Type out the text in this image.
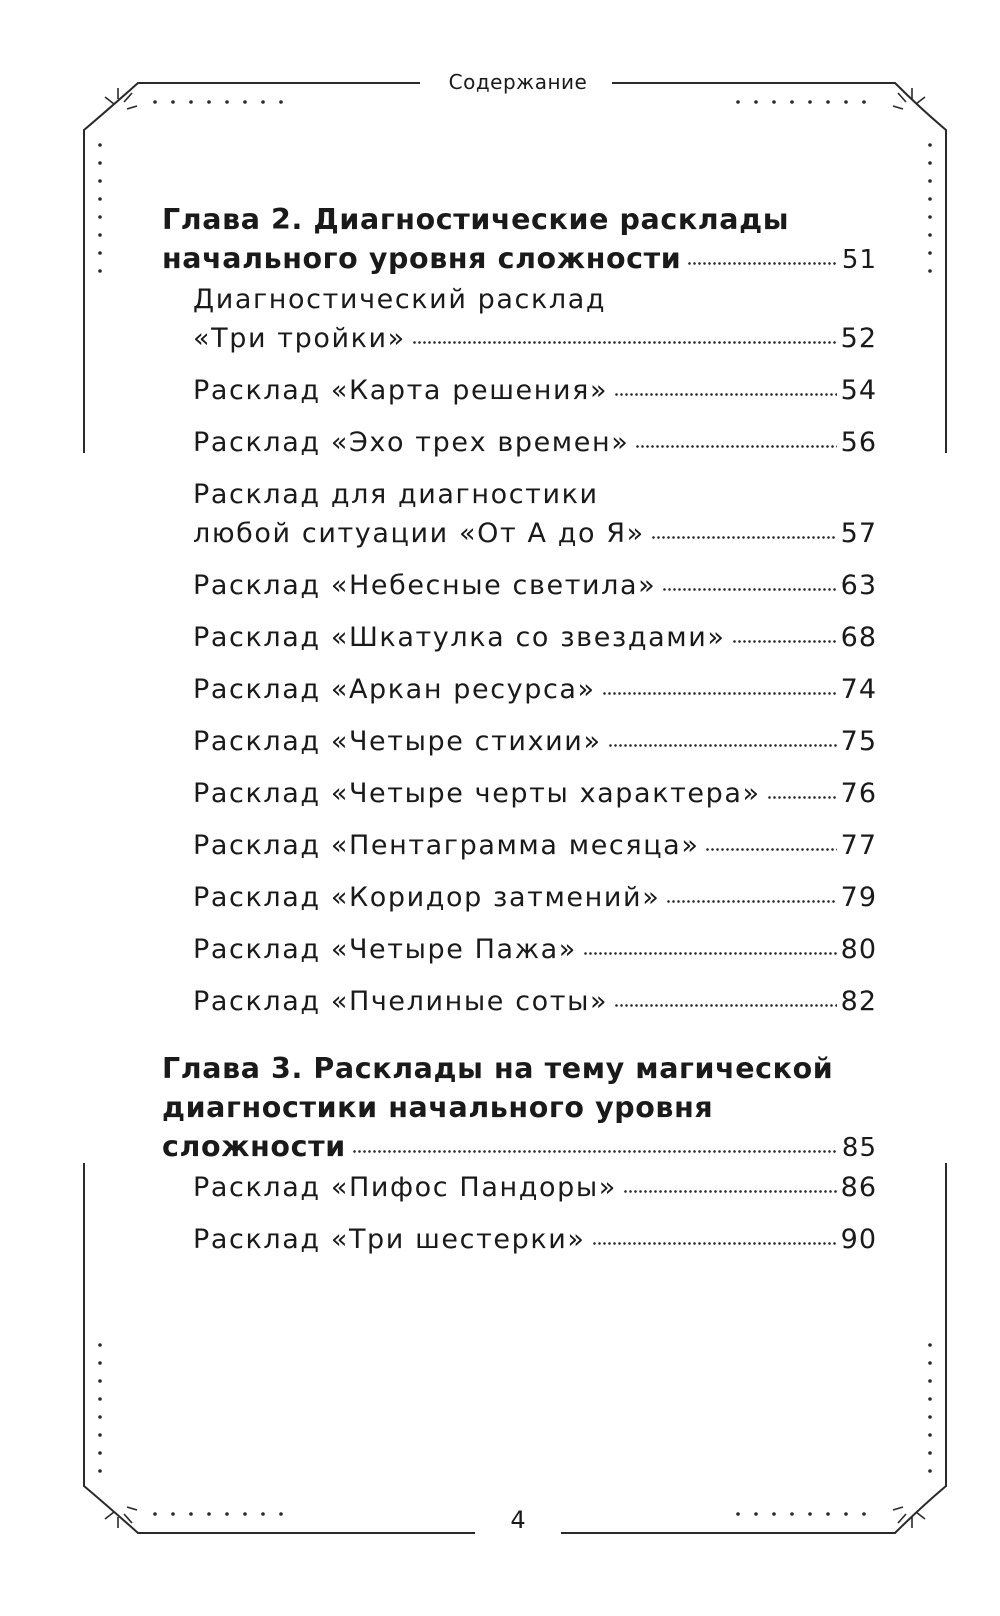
Содержание
Глава 2. Диагностические расклады
начального уровня сложности	51
Диагностический расклад
«Три тройки»	52
Расклад «Карта решения»	54
Расклад «Эхо трех времен»	56
Расклад для диагностики
любой ситуации «От А до Я»	57
Расклад «Небесные светила»	63
Расклад «Шкатулка со звездами»	68
Расклад «Аркан ресурса»	74
Расклад «Четыре стихии»	75
Расклад «Четыре черты характера»	76
Расклад «Пентаграмма месяца»	77
Расклад «Коридор затмений»	79
Расклад «Четыре Пажа»	80
Расклад «Пчелиные соты»	82
Глава 3. Расклады на тему магической
диагностики начального уровня
сложности	85
Расклад «Пифос Пандоры»	86
Расклад «Три шестерки»	90
4
